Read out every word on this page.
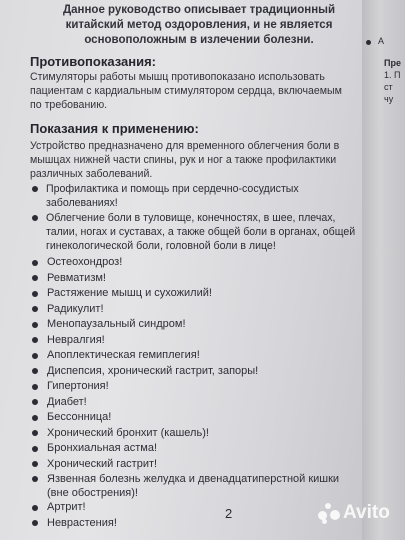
Данное руководство описывает традиционный китайский метод оздоровления, и не является основоположным в излечении болезни.
Противопоказания:
Стимуляторы работы мышц противопоказано использовать пациентам с кардиальным стимулятором сердца, включаемым по требованию.
Показания к применению:
Устройство предназначено для временного облегчения боли в мышцах нижней части спины, рук и ног а также профилактики различных заболеваний.
Профилактика и помощь при сердечно-сосудистых заболеваниях!
Облегчение боли в туловище, конечностях, в шее, плечах, талии, ногах и суставах, а также общей боли в органах, общей гинекологической боли, головной боли в лице!
Остеохондроз!
Ревматизм!
Растяжение мышц и сухожилий!
Радикулит!
Менопаузальный синдром!
Невралгия!
Апоплектическая гемиплегия!
Диспепсия, хронический гастрит, запоры!
Гипертония!
Диабет!
Бессонница!
Хронический бронхит (кашель)!
Бронхиальная астма!
Хронический гастрит!
Язвенная болезнь желудка и двенадцатиперстной кишки (вне обострения)!
Артрит!
Неврастения!
2
А
Пре
1. П
ст
чу
Avito
